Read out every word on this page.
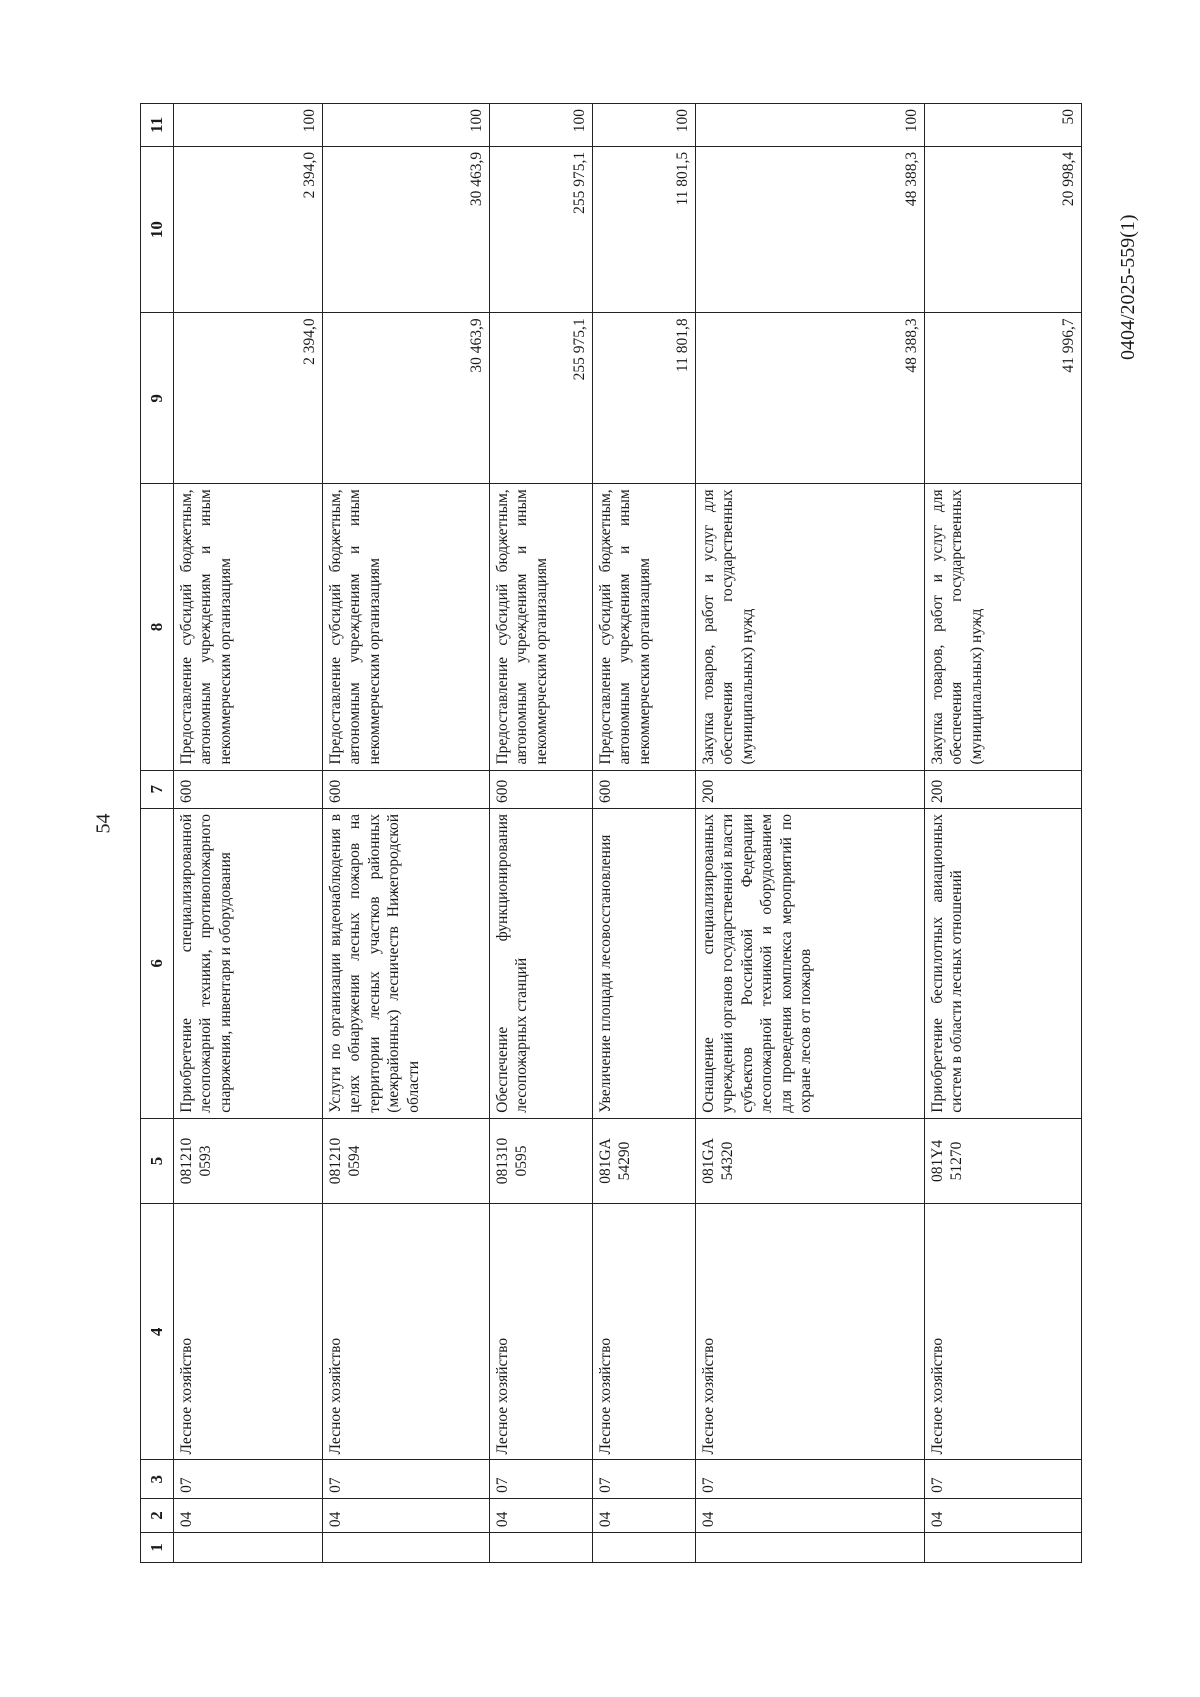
54
0404/2025-559(1)
1	2	3	4	5	6	7	8	9	10	11
	04	07	Лесное хозяйство	081210 0593	Приобретение специализированной лесопожарной техники, противопожарного снаряжения, инвентаря и оборудования	600	Предоставление субсидий бюджетным, автономным учреждениям и иным некоммерческим организациям	2 394,0	2 394,0	100
	04	07	Лесное хозяйство	081210 0594	Услуги по организации видеонаблюдения в целях обнаружения лесных пожаров на территории лесных участков районных (межрайонных) лесничеств Нижегородской области	600	Предоставление субсидий бюджетным, автономным учреждениям и иным некоммерческим организациям	30 463,9	30 463,9	100
	04	07	Лесное хозяйство	081310 0595	Обеспечение функционирования лесопожарных станций	600	Предоставление субсидий бюджетным, автономным учреждениям и иным некоммерческим организациям	255 975,1	255 975,1	100
	04	07	Лесное хозяйство	081GA 54290	Увеличение площади лесовосстановления	600	Предоставление субсидий бюджетным, автономным учреждениям и иным некоммерческим организациям	11 801,8	11 801,5	100
	04	07	Лесное хозяйство	081GA 54320	Оснащение специализированных учреждений органов государственной власти субъектов Российской Федерации лесопожарной техникой и оборудованием для проведения комплекса мероприятий по охране лесов от пожаров	200	Закупка товаров, работ и услуг для обеспечения государственных (муниципальных) нужд	48 388,3	48 388,3	100
	04	07	Лесное хозяйство	081Y4 51270	Приобретение беспилотных авиационных систем в области лесных отношений	200	Закупка товаров, работ и услуг для обеспечения государственных (муниципальных) нужд	41 996,7	20 998,4	50
